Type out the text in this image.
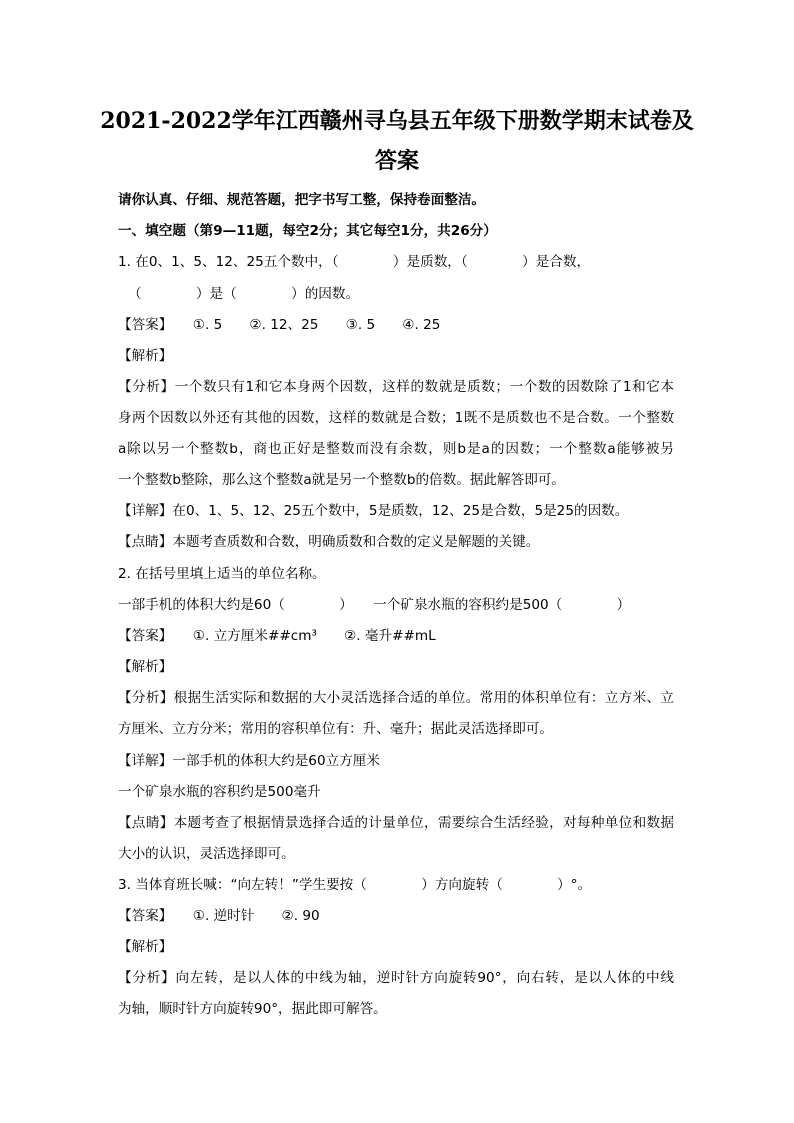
2021-2022学年江西赣州寻乌县五年级下册数学期末试卷及
答案
请你认真、仔细、规范答题，把字书写工整，保持卷面整洁。
一、填空题（第9—11题，每空2分；其它每空1分，共26分）
1. 在0、1、5、12、25五个数中，（　　　　）是质数，（　　　　）是合数，
（　　　　）是（　　　　）的因数。
【答案】　　①. 5　　②. 12、25　　③. 5　　④. 25
【解析】
【分析】一个数只有1和它本身两个因数，这样的数就是质数；一个数的因数除了1和它本
身两个因数以外还有其他的因数，这样的数就是合数；1既不是质数也不是合数。一个整数
a除以另一个整数b，商也正好是整数而没有余数，则b是a的因数；一个整数a能够被另
一个整数b整除，那么这个整数a就是另一个整数b的倍数。据此解答即可。
【详解】在0、1、5、12、25五个数中，5是质数，12、25是合数，5是25的因数。
【点睛】本题考查质数和合数，明确质数和合数的定义是解题的关键。
2. 在括号里填上适当的单位名称。
一部手机的体积大约是60（　　　　）　　一个矿泉水瓶的容积约是500（　　　　）
【答案】　　①. 立方厘米##cm³　　②. 毫升##mL
【解析】
【分析】根据生活实际和数据的大小灵活选择合适的单位。常用的体积单位有：立方米、立
方厘米、立方分米；常用的容积单位有：升、毫升；据此灵活选择即可。
【详解】一部手机的体积大约是60立方厘米
一个矿泉水瓶的容积约是500毫升
【点睛】本题考查了根据情景选择合适的计量单位，需要综合生活经验，对每种单位和数据
大小的认识，灵活选择即可。
3. 当体育班长喊：“向左转！”学生要按（　　　　）方向旋转（　　　　）°。
【答案】　　①. 逆时针　　②. 90
【解析】
【分析】向左转，是以人体的中线为轴，逆时针方向旋转90°，向右转，是以人体的中线
为轴，顺时针方向旋转90°，据此即可解答。
